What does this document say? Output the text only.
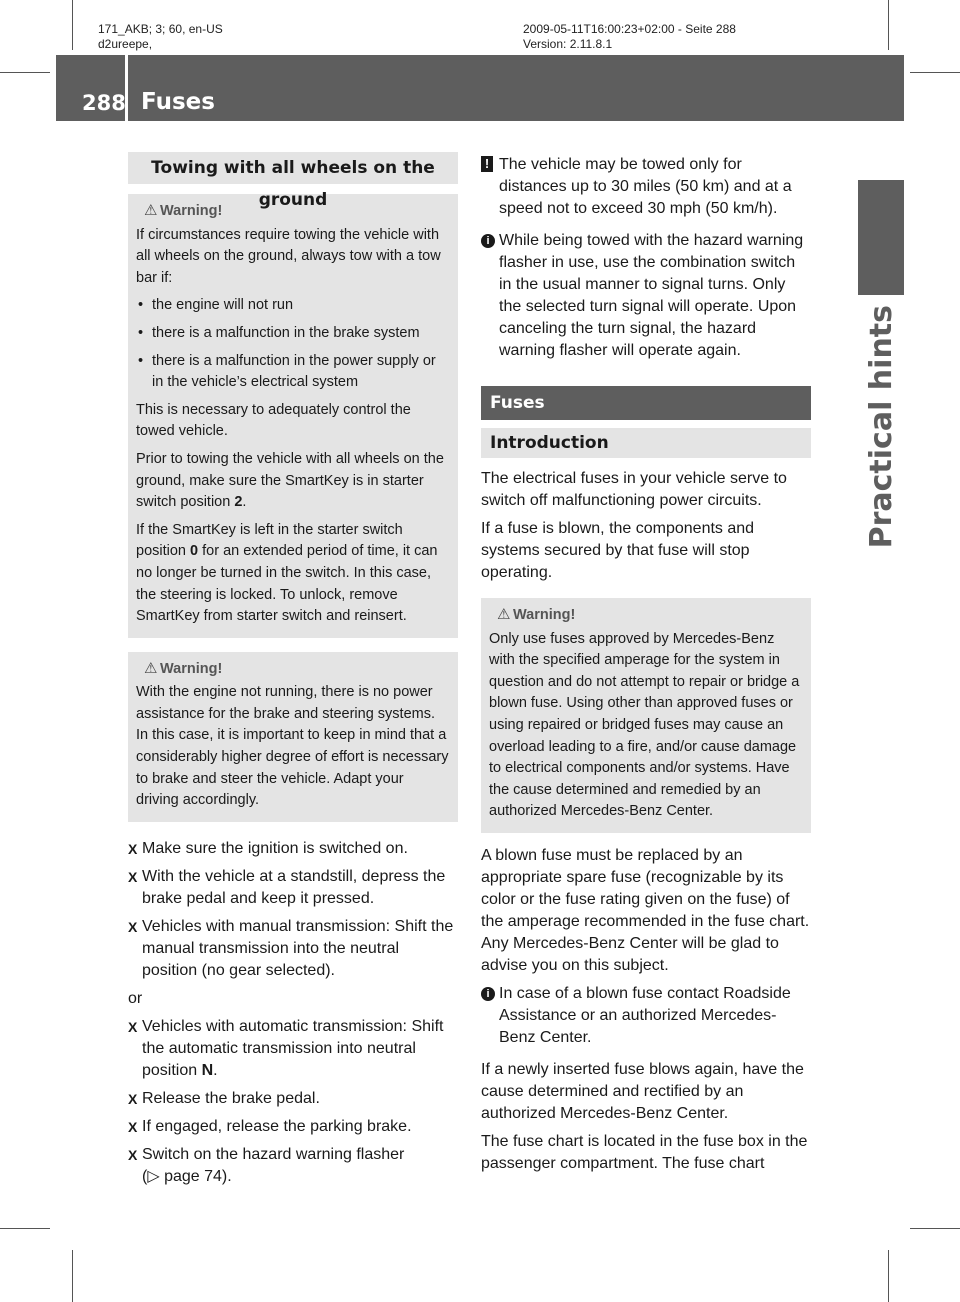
171_AKB; 3; 60, en-US
d2ureepe,
2009-05-11T16:00:23+02:00 - Seite 288
Version: 2.11.8.1
288 Fuses
Practical hints
Towing with all wheels on the ground
⚠ Warning!

If circumstances require towing the vehicle with all wheels on the ground, always tow with a tow bar if:

• the engine will not run
• there is a malfunction in the brake system
• there is a malfunction in the power supply or in the vehicle’s electrical system

This is necessary to adequately control the towed vehicle.

Prior to towing the vehicle with all wheels on the ground, make sure the SmartKey is in starter switch position 2.

If the SmartKey is left in the starter switch position 0 for an extended period of time, it can no longer be turned in the switch. In this case, the steering is locked. To unlock, remove SmartKey from starter switch and reinsert.

⚠ Warning!

With the engine not running, there is no power assistance for the brake and steering systems. In this case, it is important to keep in mind that a considerably higher degree of effort is necessary to brake and steer the vehicle. Adapt your driving accordingly.

X Make sure the ignition is switched on.
X With the vehicle at a standstill, depress the brake pedal and keep it pressed.
X Vehicles with manual transmission: Shift the manual transmission into the neutral position (no gear selected).

or

X Vehicles with automatic transmission: Shift the automatic transmission into neutral position N.
X Release the brake pedal.
X If engaged, release the parking brake.
X Switch on the hazard warning flasher
(▷ page 74).
! The vehicle may be towed only for distances up to 30 miles (50 km) and at a speed not to exceed 30 mph (50 km/h).
i While being towed with the hazard warning flasher in use, use the combination switch in the usual manner to signal turns. Only the selected turn signal will operate. Upon canceling the turn signal, the hazard warning flasher will operate again.
Fuses
Introduction

The electrical fuses in your vehicle serve to switch off malfunctioning power circuits.

If a fuse is blown, the components and systems secured by that fuse will stop operating.

⚠ Warning!

Only use fuses approved by Mercedes-Benz with the specified amperage for the system in question and do not attempt to repair or bridge a blown fuse. Using other than approved fuses or using repaired or bridged fuses may cause an overload leading to a fire, and/or cause damage to electrical components and/or systems. Have the cause determined and remedied by an authorized Mercedes-Benz Center.

A blown fuse must be replaced by an appropriate spare fuse (recognizable by its color or the fuse rating given on the fuse) of the amperage recommended in the fuse chart. Any Mercedes-Benz Center will be glad to advise you on this subject.

i In case of a blown fuse contact Roadside Assistance or an authorized Mercedes-Benz Center.

If a newly inserted fuse blows again, have the cause determined and rectified by an authorized Mercedes-Benz Center.

The fuse chart is located in the fuse box in the passenger compartment. The fuse chart
